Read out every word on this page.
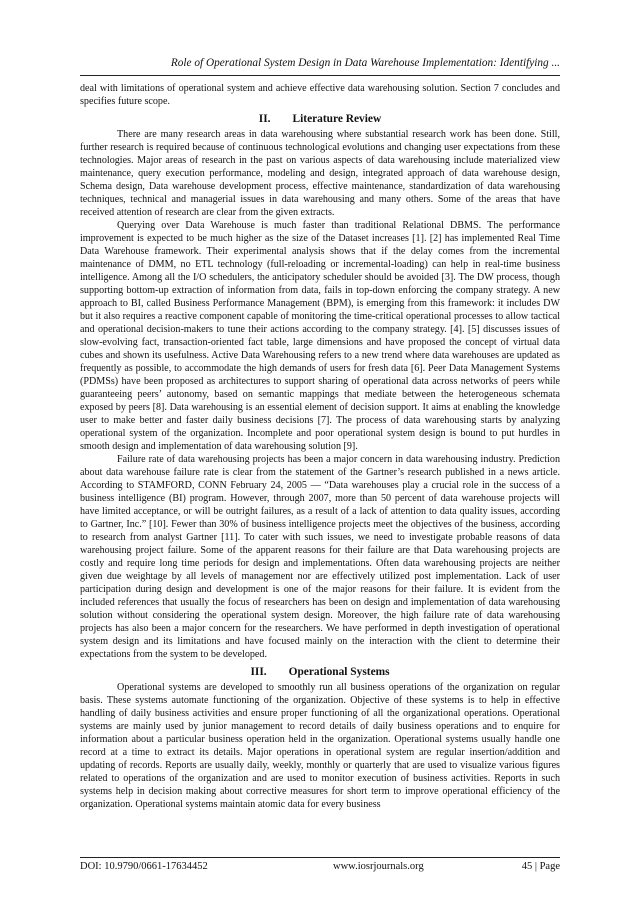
Role of Operational System Design in Data Warehouse Implementation: Identifying ...

deal with limitations of operational system and achieve effective data warehousing solution. Section 7 concludes and specifies future scope.

II. Literature Review

There are many research areas in data warehousing where substantial research work has been done. Still, further research is required because of continuous technological evolutions and changing user expectations from these technologies. Major areas of research in the past on various aspects of data warehousing include materialized view maintenance, query execution performance, modeling and design, integrated approach of data warehouse design, Schema design, Data warehouse development process, effective maintenance, standardization of data warehousing techniques, technical and managerial issues in data warehousing and many others. Some of the areas that have received attention of research are clear from the given extracts.

Querying over Data Warehouse is much faster than traditional Relational DBMS. The performance improvement is expected to be much higher as the size of the Dataset increases [1]. [2] has implemented Real Time Data Warehouse framework. Their experimental analysis shows that if the delay comes from the incremental maintenance of DMM, no ETL technology (full-reloading or incremental-loading) can help in real-time business intelligence. Among all the I/O schedulers, the anticipatory scheduler should be avoided [3]. The DW process, though supporting bottom-up extraction of information from data, fails in top-down enforcing the company strategy. A new approach to BI, called Business Performance Management (BPM), is emerging from this framework: it includes DW but it also requires a reactive component capable of monitoring the time-critical operational processes to allow tactical and operational decision-makers to tune their actions according to the company strategy. [4]. [5] discusses issues of slow-evolving fact, transaction-oriented fact table, large dimensions and have proposed the concept of virtual data cubes and shown its usefulness. Active Data Warehousing refers to a new trend where data warehouses are updated as frequently as possible, to accommodate the high demands of users for fresh data [6]. Peer Data Management Systems (PDMSs) have been proposed as architectures to support sharing of operational data across networks of peers while guaranteeing peers’ autonomy, based on semantic mappings that mediate between the heterogeneous schemata exposed by peers [8]. Data warehousing is an essential element of decision support. It aims at enabling the knowledge user to make better and faster daily business decisions [7]. The process of data warehousing starts by analyzing operational system of the organization. Incomplete and poor operational system design is bound to put hurdles in smooth design and implementation of data warehousing solution [9].

Failure rate of data warehousing projects has been a major concern in data warehousing industry. Prediction about data warehouse failure rate is clear from the statement of the Gartner’s research published in a news article. According to STAMFORD, CONN February 24, 2005 — “Data warehouses play a crucial role in the success of a business intelligence (BI) program. However, through 2007, more than 50 percent of data warehouse projects will have limited acceptance, or will be outright failures, as a result of a lack of attention to data quality issues, according to Gartner, Inc.” [10]. Fewer than 30% of business intelligence projects meet the objectives of the business, according to research from analyst Gartner [11]. To cater with such issues, we need to investigate probable reasons of data warehousing project failure. Some of the apparent reasons for their failure are that Data warehousing projects are costly and require long time periods for design and implementations. Often data warehousing projects are neither given due weightage by all levels of management nor are effectively utilized post implementation. Lack of user participation during design and development is one of the major reasons for their failure. It is evident from the included references that usually the focus of researchers has been on design and implementation of data warehousing solution without considering the operational system design. Moreover, the high failure rate of data warehousing projects has also been a major concern for the researchers. We have performed in depth investigation of operational system design and its limitations and have focused mainly on the interaction with the client to determine their expectations from the system to be developed.

III. Operational Systems

Operational systems are developed to smoothly run all business operations of the organization on regular basis. These systems automate functioning of the organization. Objective of these systems is to help in effective handling of daily business activities and ensure proper functioning of all the organizational operations. Operational systems are mainly used by junior management to record details of daily business operations and to enquire for information about a particular business operation held in the organization. Operational systems usually handle one record at a time to extract its details. Major operations in operational system are regular insertion/addition and updating of records. Reports are usually daily, weekly, monthly or quarterly that are used to visualize various figures related to operations of the organization and are used to monitor execution of business activities. Reports in such systems help in decision making about corrective measures for short term to improve operational efficiency of the organization. Operational systems maintain atomic data for every business

DOI: 10.9790/0661-17634452	www.iosrjournals.org	45 | Page
